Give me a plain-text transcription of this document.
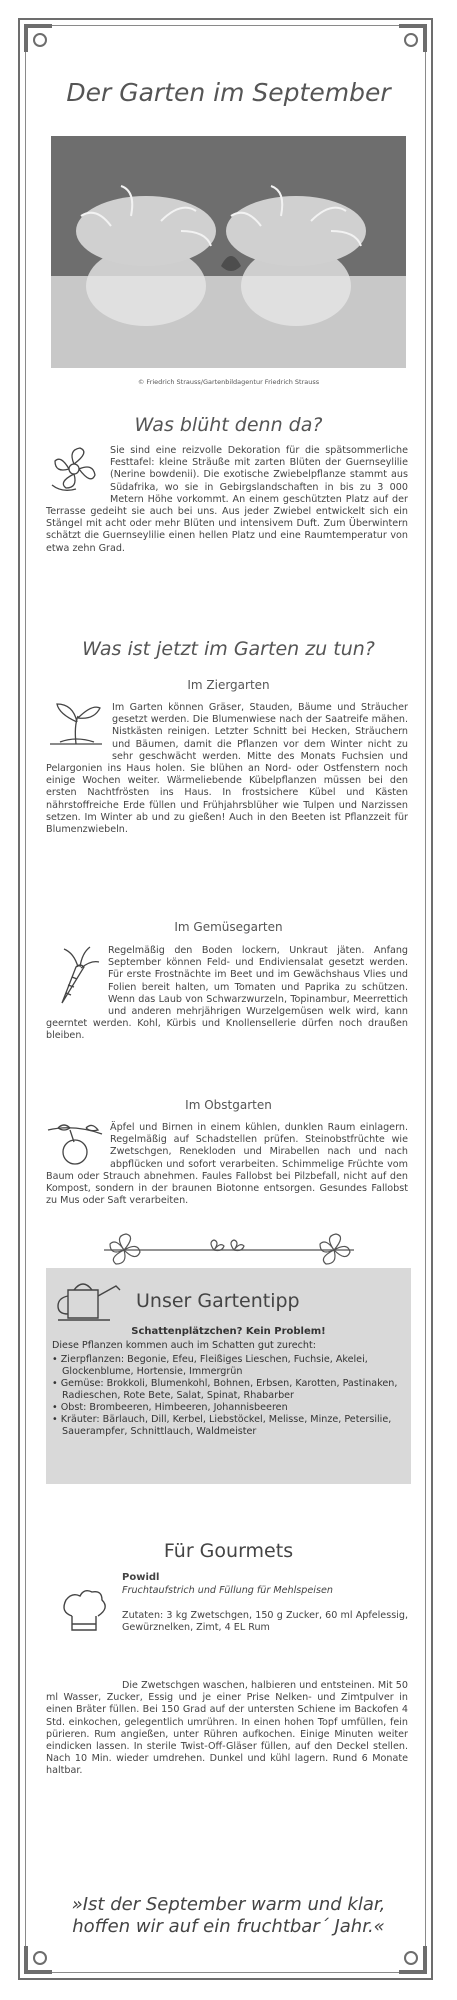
Der Garten im September
© Friedrich Strauss/Gartenbildagentur Friedrich Strauss
Was blüht denn da?

Sie sind eine reizvolle Dekoration für die spätsommerliche Festtafel: kleine Sträuße mit zarten Blüten der Guernseylilie (Nerine bowdenii). Die exotische Zwiebelpflanze stammt aus Südafrika, wo sie in Gebirgslandschaften in bis zu 3 000 Metern Höhe vorkommt. An einem geschützten Platz auf der Terrasse gedeiht sie auch bei uns. Aus jeder Zwiebel entwickelt sich ein Stängel mit acht oder mehr Blüten und intensivem Duft. Zum Überwintern schätzt die Guernseylilie einen hellen Platz und eine Raumtemperatur von etwa zehn Grad.

Was ist jetzt im Garten zu tun?
Im Ziergarten

Im Garten können Gräser, Stauden, Bäume und Sträucher gesetzt werden. Die Blumenwiese nach der Saatreife mähen. Nistkästen reinigen. Letzter Schnitt bei Hecken, Sträuchern und Bäumen, damit die Pflanzen vor dem Winter nicht zu sehr geschwächt werden. Mitte des Monats Fuchsien und Pelargonien ins Haus holen. Sie blühen an Nord- oder Ostfenstern noch einige Wochen weiter. Wärmeliebende Kübelpflanzen müssen bei den ersten Nachtfrösten ins Haus. In frostsichere Kübel und Kästen nährstoffreiche Erde füllen und Frühjahrsblüher wie Tulpen und Narzissen setzen. Im Winter ab und zu gießen! Auch in den Beeten ist Pflanzzeit für Blumenzwiebeln.

Im Gemüsegarten

Regelmäßig den Boden lockern, Unkraut jäten. Anfang September können Feld- und Endiviensalat gesetzt werden. Für erste Frostnächte im Beet und im Gewächshaus Vlies und Folien bereit halten, um Tomaten und Paprika zu schützen. Wenn das Laub von Schwarzwurzeln, Topinambur, Meerrettich und anderen mehrjährigen Wurzelgemüsen welk wird, kann geerntet werden. Kohl, Kürbis und Knollensellerie dürfen noch draußen bleiben.

Im Obstgarten

Äpfel und Birnen in einem kühlen, dunklen Raum einlagern. Regelmäßig auf Schadstellen prüfen. Steinobstfrüchte wie Zwetschgen, Renekloden und Mirabellen nach und nach abpflücken und sofort verarbeiten. Schimmelige Früchte vom Baum oder Strauch abnehmen. Faules Fallobst bei Pilzbefall, nicht auf den Kompost, sondern in der braunen Biotonne entsorgen. Gesundes Fallobst zu Mus oder Saft verarbeiten.

Unser Gartentipp
Schattenplätzchen? Kein Problem!

Diese Pflanzen kommen auch im Schatten gut zurecht:

• Zierpflanzen: Begonie, Efeu, Fleißiges Lieschen, Fuchsie, Akelei, Glockenblume, Hortensie, Immergrün
• Gemüse: Brokkoli, Blumenkohl, Bohnen, Erbsen, Karotten, Pastinaken, Radieschen, Rote Bete, Salat, Spinat, Rhabarber
• Obst: Brombeeren, Himbeeren, Johannisbeeren
• Kräuter: Bärlauch, Dill, Kerbel, Liebstöckel, Melisse, Minze, Petersilie, Sauerampfer, Schnittlauch, Waldmeister
Für Gourmets

Powidl

Fruchtaufstrich und Füllung für Mehlspeisen

Zutaten: 3 kg Zwetschgen, 150 g Zucker, 60 ml Apfelessig, Gewürznelken, Zimt, 4 EL Rum

Die Zwetschgen waschen, halbieren und entsteinen. Mit 50 ml Wasser, Zucker, Essig und je einer Prise Nelken- und Zimtpulver in einen Bräter füllen. Bei 150 Grad auf der untersten Schiene im Backofen 4 Std. einkochen, gelegentlich umrühren. In einen hohen Topf umfüllen, fein pürieren. Rum angießen, unter Rühren aufkochen. Einige Minuten weiter eindicken lassen. In sterile Twist-Off-Gläser füllen, auf den Deckel stellen. Nach 10 Min. wieder umdrehen. Dunkel und kühl lagern. Rund 6 Monate haltbar.

»Ist der September warm und klar,
hoffen wir auf ein fruchtbar´ Jahr.«
